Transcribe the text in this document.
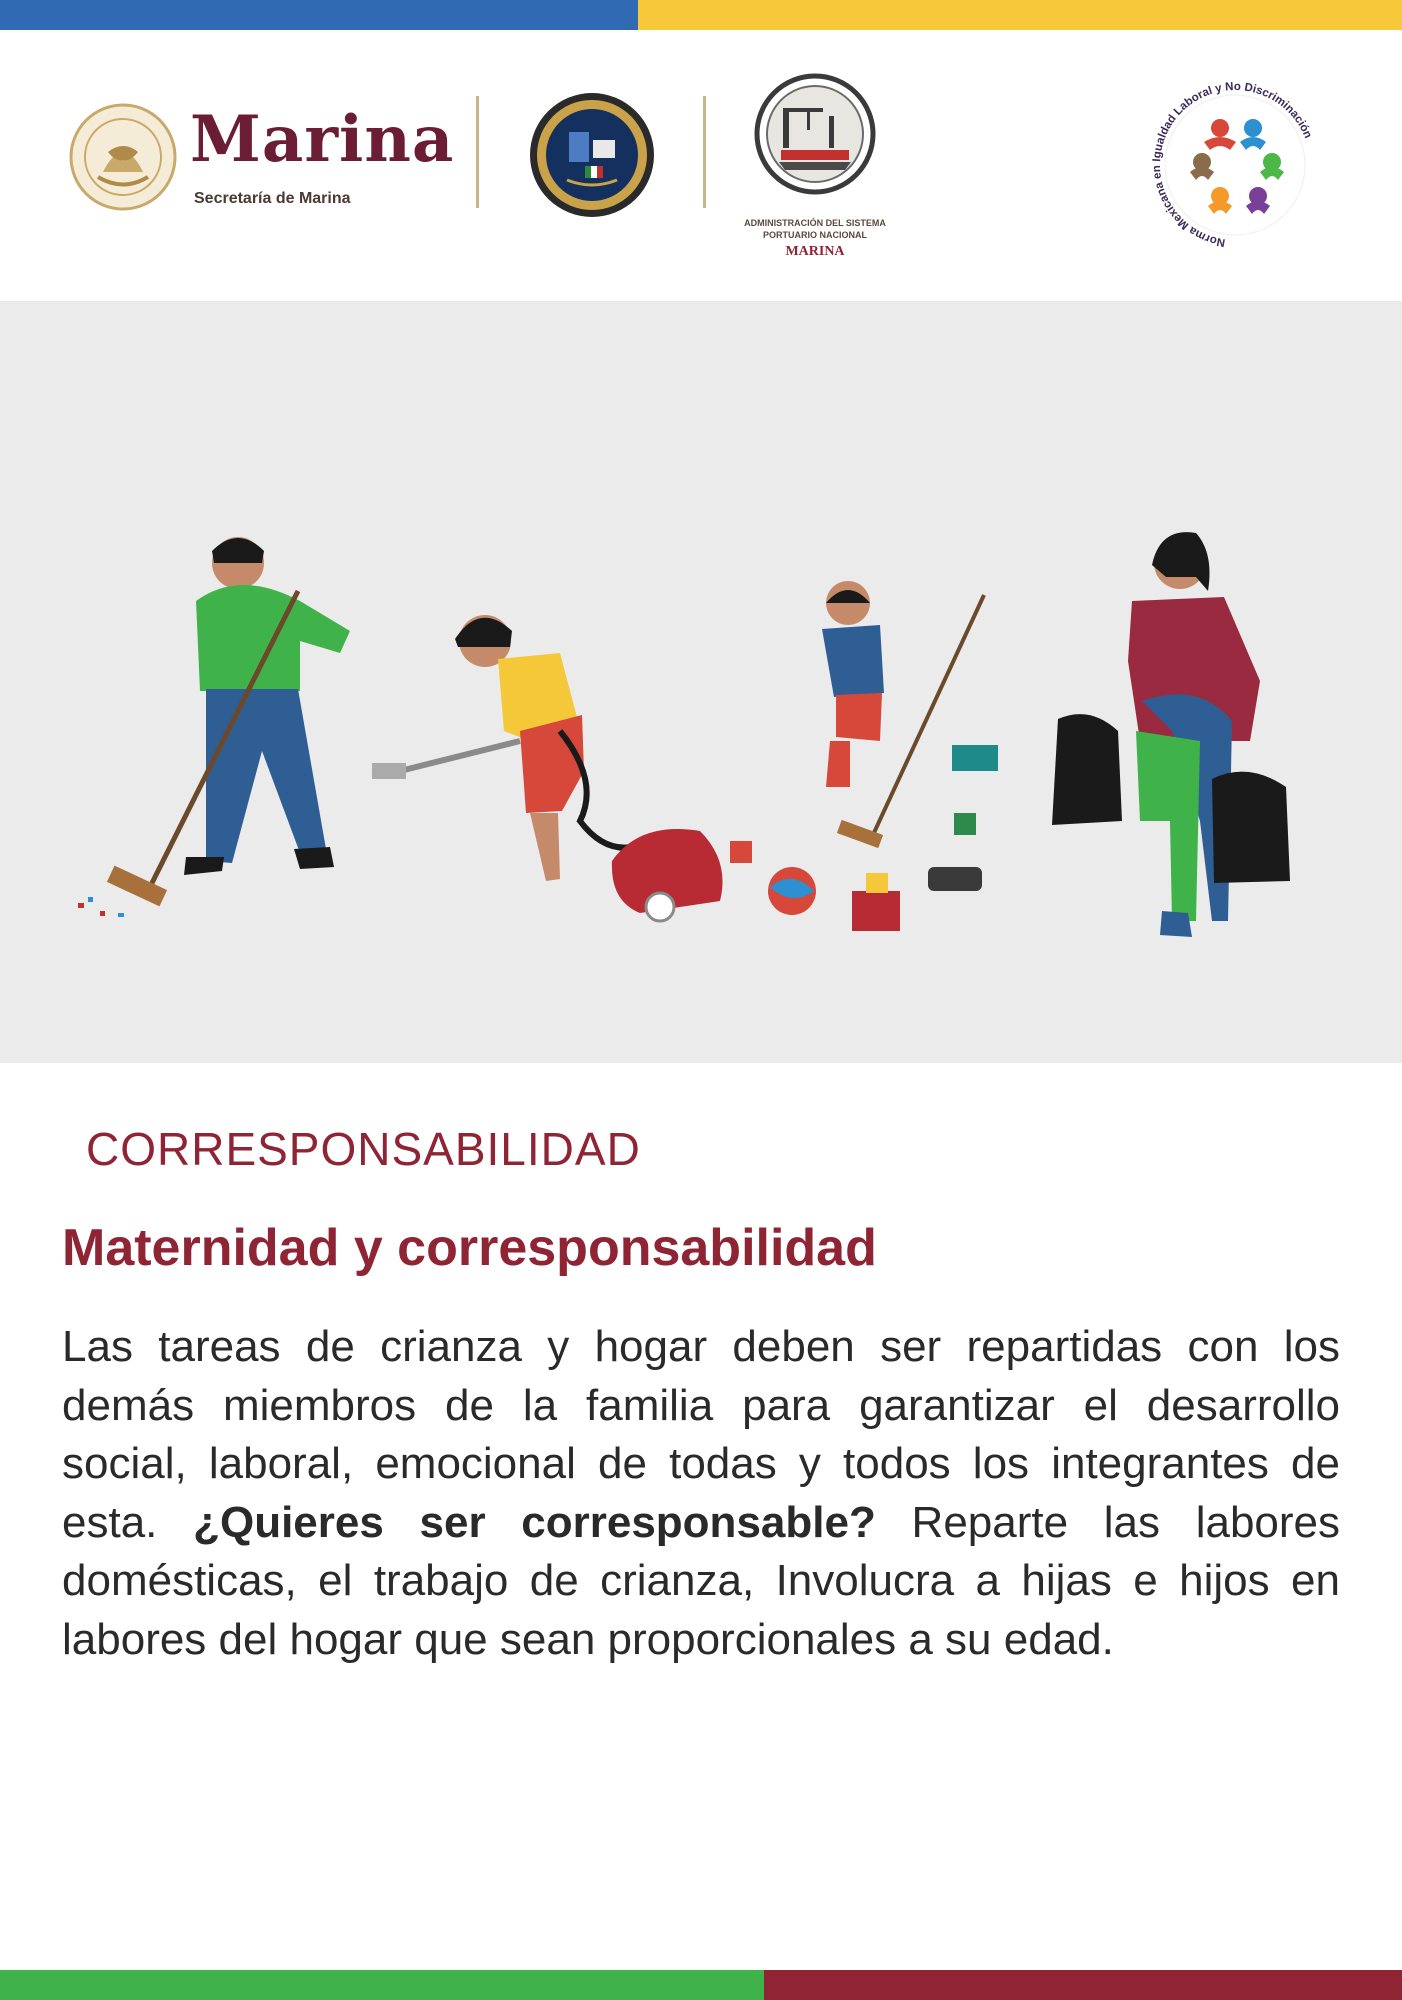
Marina
Secretaría de Marina
ADMINISTRACIÓN DEL SISTEMA
PORTUARIO NACIONAL
MARINA
Norma Mexicana en Igualdad Laboral y No Discriminación
CORRESPONSABILIDAD
Maternidad y corresponsabilidad
Las tareas de crianza y hogar deben ser repartidas con los demás miembros de la familia para garantizar el desarrollo social, laboral, emocional de todas y todos los integrantes de esta. ¿Quieres ser corresponsable? Reparte las labores domésticas, el trabajo de crianza, Involucra a hijas e hijos en labores del hogar que sean proporcionales a su edad.
